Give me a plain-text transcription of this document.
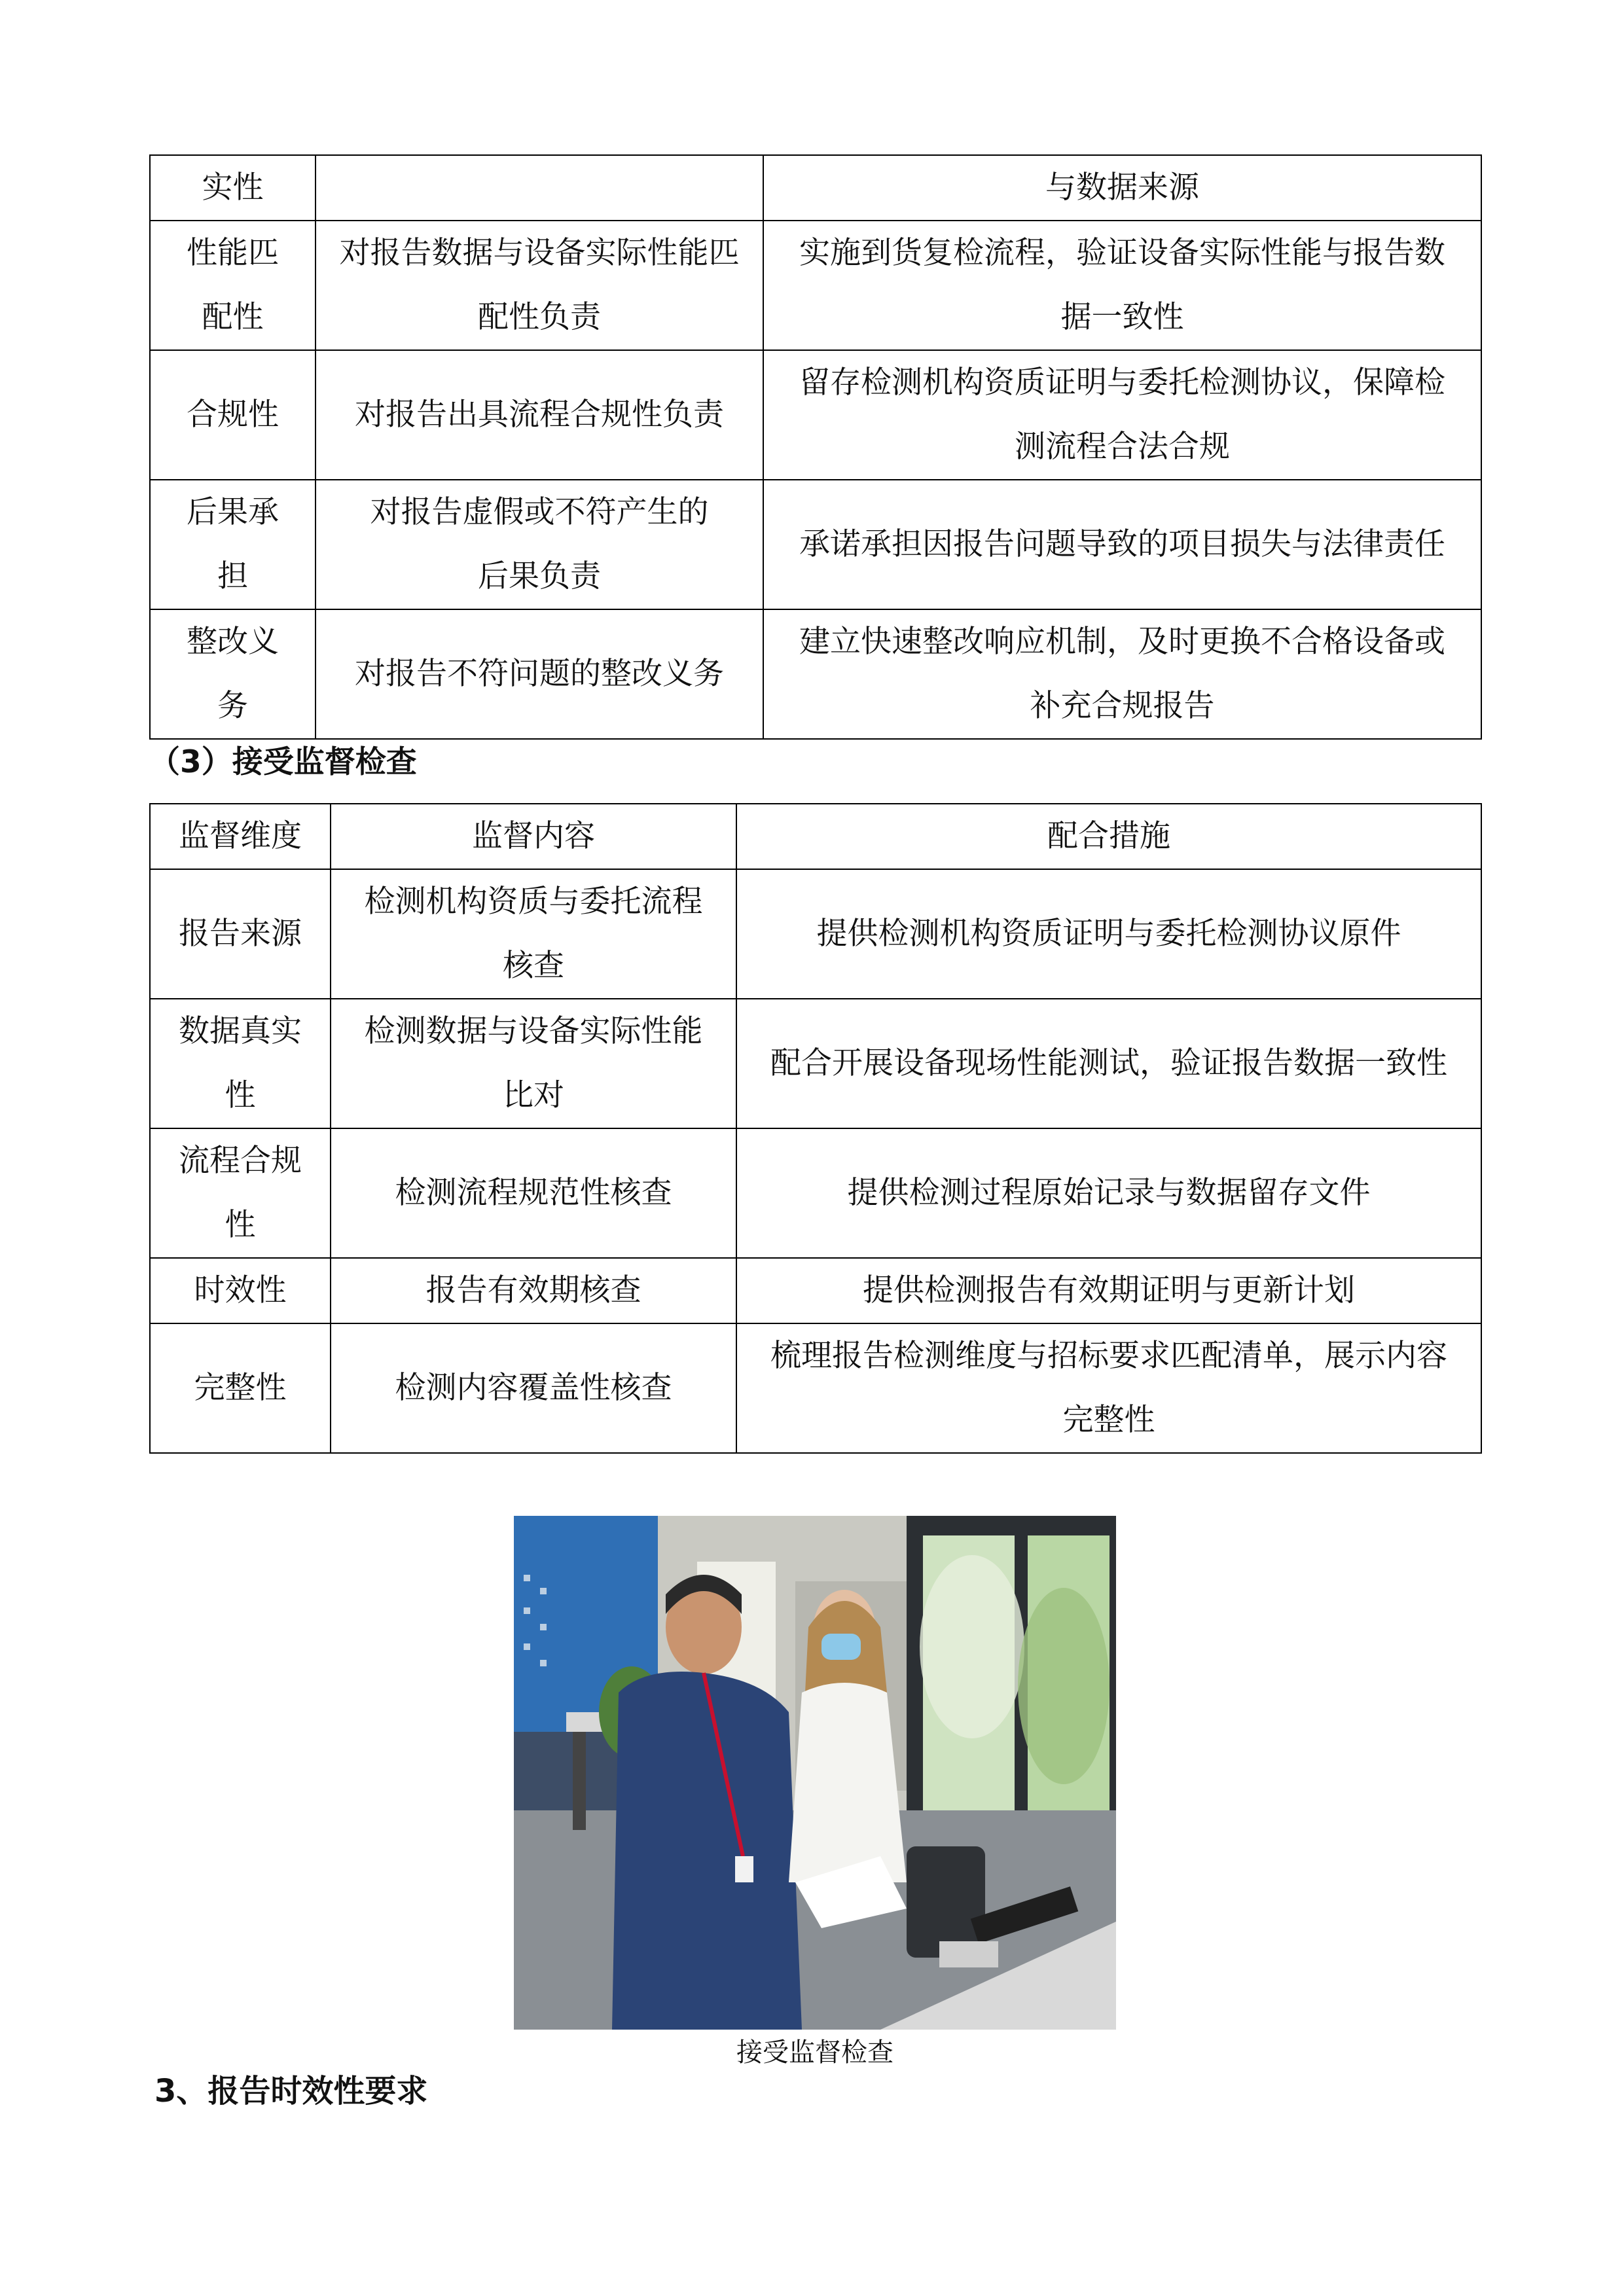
实性		与数据来源
性能匹配性	对报告数据与设备实际性能匹配性负责	实施到货复检流程，验证设备实际性能与报告数据一致性
合规性	对报告出具流程合规性负责	留存检测机构资质证明与委托检测协议，保障检测流程合法合规
后果承担	对报告虚假或不符产生的后果负责	承诺承担因报告问题导致的项目损失与法律责任
整改义务	对报告不符问题的整改义务	建立快速整改响应机制，及时更换不合格设备或补充合规报告
（3）接受监督检查
监督维度	监督内容	配合措施
报告来源	检测机构资质与委托流程核查	提供检测机构资质证明与委托检测协议原件
数据真实性	检测数据与设备实际性能比对	配合开展设备现场性能测试，验证报告数据一致性
流程合规性	检测流程规范性核查	提供检测过程原始记录与数据留存文件
时效性	报告有效期核查	提供检测报告有效期证明与更新计划
完整性	检测内容覆盖性核查	梳理报告检测维度与招标要求匹配清单，展示内容完整性
接受监督检查
3、报告时效性要求
